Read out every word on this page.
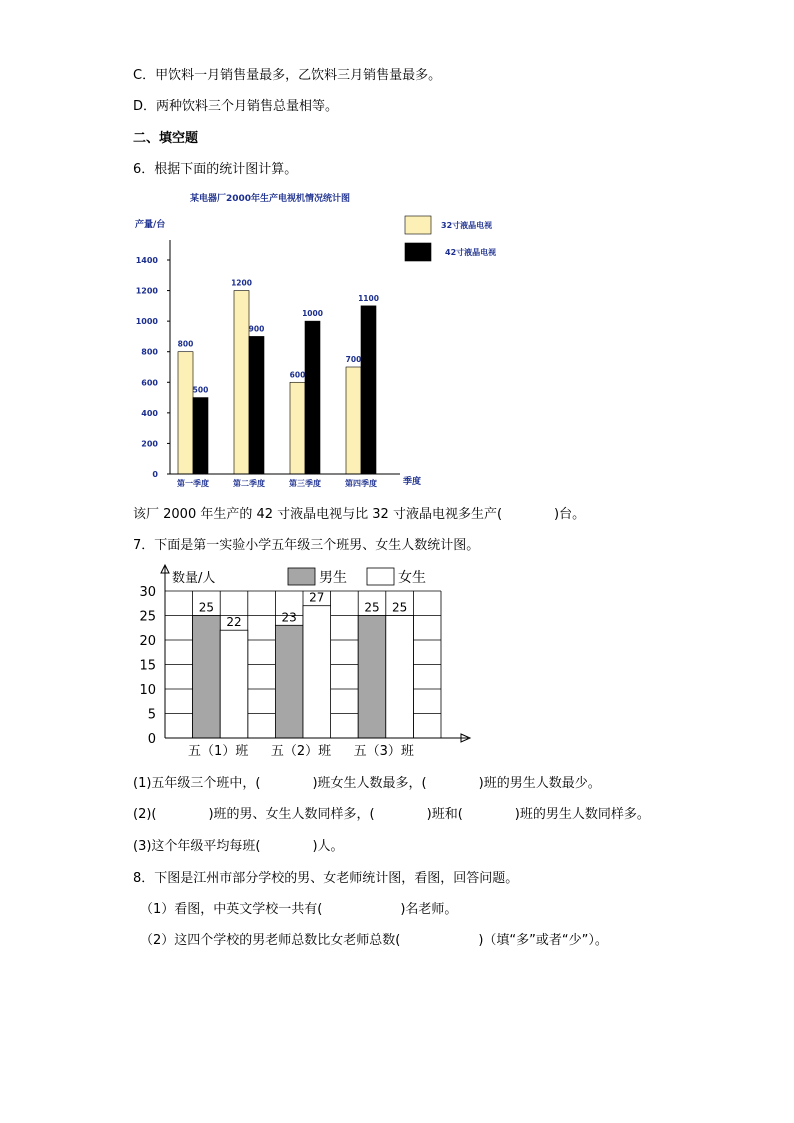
C．甲饮料一月销售量最多，乙饮料三月销售量最多。
D．两种饮料三个月销售总量相等。
二、填空题
6．根据下面的统计图计算。
某电器厂2000年生产电视机情况统计图
产量/台
季度
32寸液晶电视
42寸液晶电视
0
200
400
600
800
1000
1200
1400
800
500
1200
900
600
1000
700
1100
第一季度	第二季度	第三季度	第四季度
该厂 2000 年生产的 42 寸液晶电视与比 32 寸液晶电视多生产(　　　　)台。
7．下面是第一实验小学五年级三个班男、女生人数统计图。
25
22	23
27
25 25
男生	女生
数量/人
0
5
10
15
20
25
30
五（1）班 五（2）班 五（3）班
(1)五年级三个班中，(　　　　)班女生人数最多，(　　　　)班的男生人数最少。
(2)(　　　　)班的男、女生人数同样多，(　　　　)班和(　　　　)班的男生人数同样多。
(3)这个年级平均每班(　　　　)人。
8．下图是江州市部分学校的男、女老师统计图，看图，回答问题。
（1）看图，中英文学校一共有(　　　　　　)名老师。
（2）这四个学校的男老师总数比女老师总数(　　　　　　)（填“多”或者“少”）。
